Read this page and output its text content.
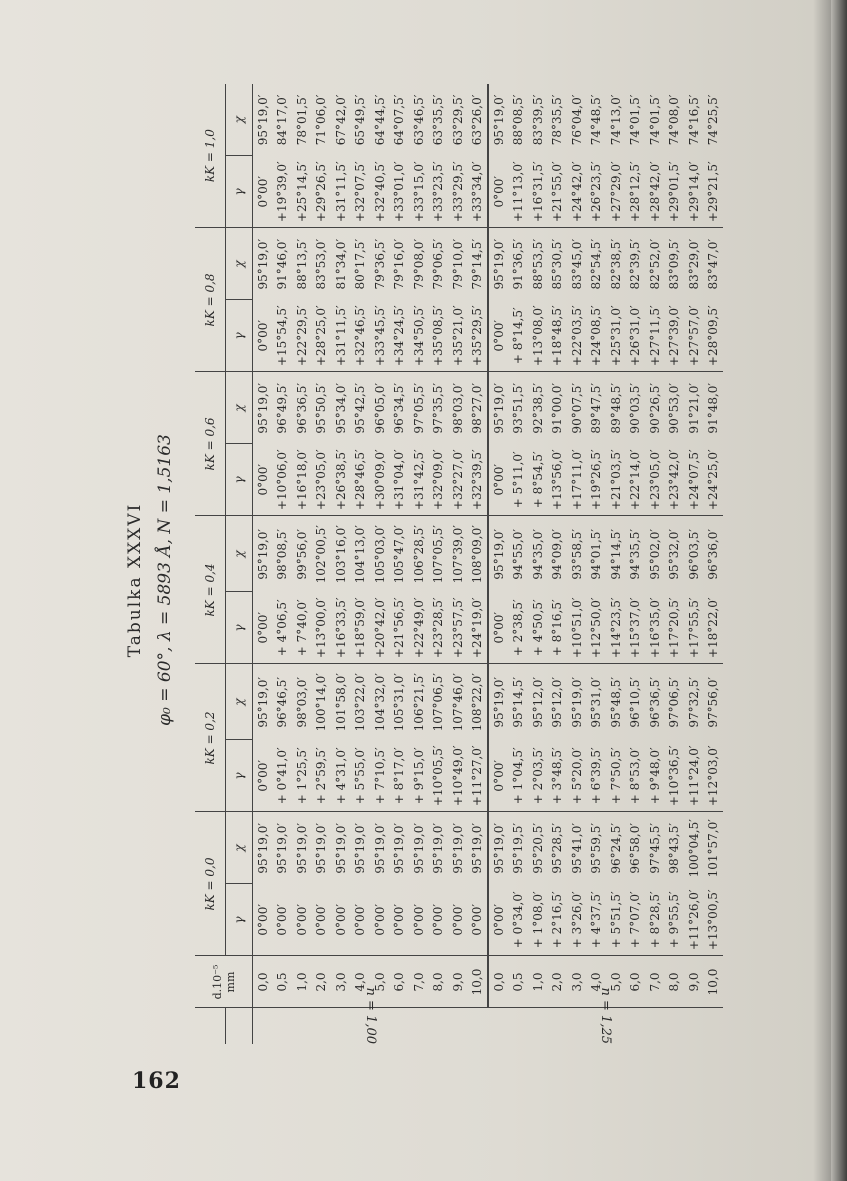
162
Tabulka XXXVI φ₀ = 60°, λ = 5893 Å, N = 1,5163
	d.10⁻⁵ mm	kK = 0,0		kK = 0,2		kK = 0,4		kK = 0,6		kK = 0,8		kK = 1,0	
		γ	χ	γ	χ	γ	χ	γ	χ	γ	χ	γ	χ
n = 1,00	0,0	0°00′	95°19,0′	0°00′	95°19,0′	0°00′	95°19,0′	0°00′	95°19,0′	0°00′	95°19,0′	0°00′	95°19,0′
	0,5	0°00′	95°19,0′	+ 0°41,0′	96°46,5′	+ 4°06,5′	98°08,5′	+10°06,0′	96°49,5′	+15°54,5′	91°46,0′	+19°39,0′	84°17,0′
	1,0	0°00′	95°19,0′	+ 1°25,5′	98°03,0′	+ 7°40,0′	99°56,0′	+16°18,0′	96°36,5′	+22°29,5′	88°13,5′	+25°14,5′	78°01,5′
	2,0	0°00′	95°19,0′	+ 2°59,5′	100°14,0′	+13°00,0′	102°00,5′	+23°05,0′	95°50,5′	+28°25,0′	83°53,0′	+29°26,5′	71°06,0′
	3,0	0°00′	95°19,0′	+ 4°31,0′	101°58,0′	+16°33,5′	103°16,0′	+26°38,5′	95°34,0′	+31°11,5′	81°34,0′	+31°11,5′	67°42,0′
	4,0	0°00′	95°19,0′	+ 5°55,0′	103°22,0′	+18°59,0′	104°13,0′	+28°46,5′	95°42,5′	+32°46,5′	80°17,5′	+32°07,5′	65°49,5′
	5,0	0°00′	95°19,0′	+ 7°10,5′	104°32,0′	+20°42,0′	105°03,0′	+30°09,0′	96°05,0′	+33°45,5′	79°36,5′	+32°40,5′	64°44,5′
	6,0	0°00′	95°19,0′	+ 8°17,0′	105°31,0′	+21°56,5′	105°47,0′	+31°04,0′	96°34,5′	+34°24,5′	79°16,0′	+33°01,0′	64°07,5′
	7,0	0°00′	95°19,0′	+ 9°15,0′	106°21,5′	+22°49,0′	106°28,5′	+31°42,5′	97°05,5′	+34°50,5′	79°08,0′	+33°15,0′	63°46,5′
	8,0	0°00′	95°19,0′	+10°05,5′	107°06,5′	+23°28,5′	107°05,5′	+32°09,0′	97°35,5′	+35°08,5′	79°06,5′	+33°23,5′	63°35,5′
	9,0	0°00′	95°19,0′	+10°49,0′	107°46,0′	+23°57,5′	107°39,0′	+32°27,0′	98°03,0′	+35°21,0′	79°10,0′	+33°29,5′	63°29,5′
	10,0	0°00′	95°19,0′	+11°27,0′	108°22,0′	+24°19,0′	108°09,0′	+32°39,5′	98°27,0′	+35°29,5′	79°14,5′	+33°34,0′	63°26,0′
n = 1,25	0,0	0°00′	95°19,0′	0°00′	95°19,0′	0°00′	95°19,0′	0°00′	95°19,0′	0°00′	95°19,0′	0°00′	95°19,0′
	0,5	+ 0°34,0′	95°19,5′	+ 1°04,5′	95°14,5′	+ 2°38,5′	94°55,0′	+ 5°11,0′	93°51,5′	+ 8°14,5′	91°36,5′	+11°13,0′	88°08,5′
	1,0	+ 1°08,0′	95°20,5′	+ 2°03,5′	95°12,0′	+ 4°50,5′	94°35,0′	+ 8°54,5′	92°38,5′	+13°08,0′	88°53,5′	+16°31,5′	83°39,5′
	2,0	+ 2°16,5′	95°28,5′	+ 3°48,5′	95°12,0′	+ 8°16,5′	94°09,0′	+13°56,0′	91°00,0′	+18°48,5′	85°30,5′	+21°55,0′	78°35,5′
	3,0	+ 3°26,0′	95°41,0′	+ 5°20,0′	95°19,0′	+10°51,0′	93°58,5′	+17°11,0′	90°07,5′	+22°03,5′	83°45,0′	+24°42,0′	76°04,0′
	4,0	+ 4°37,5′	95°59,5′	+ 6°39,5′	95°31,0′	+12°50,0′	94°01,5′	+19°26,5′	89°47,5′	+24°08,5′	82°54,5′	+26°23,5′	74°48,5′
	5,0	+ 5°51,5′	96°24,5′	+ 7°50,5′	95°48,5′	+14°23,5′	94°14,5′	+21°03,5′	89°48,5′	+25°31,0′	82°38,5′	+27°29,0′	74°13,0′
	6,0	+ 7°07,0′	96°58,0′	+ 8°53,0′	96°10,5′	+15°37,0′	94°35,5′	+22°14,0′	90°03,5′	+26°31,0′	82°39,5′	+28°12,5′	74°01,5′
	7,0	+ 8°28,5′	97°45,5′	+ 9°48,0′	96°36,5′	+16°35,0′	95°02,0′	+23°05,0′	90°26,5′	+27°11,5′	82°52,0′	+28°42,0′	74°01,5′
	8,0	+ 9°55,5′	98°43,5′	+10°36,5′	97°06,5′	+17°20,5′	95°32,0′	+23°42,0′	90°53,0′	+27°39,0′	83°09,5′	+29°01,5′	74°08,0′
	9,0	+11°26,0′	100°04,5′	+11°24,0′	97°32,5′	+17°55,5′	96°03,5′	+24°07,5′	91°21,0′	+27°57,0′	83°29,0′	+29°14,0′	74°16,5′
	10,0	+13°00,5′	101°57,0′	+12°03,0′	97°56,0′	+18°22,0′	96°36,0′	+24°25,0′	91°48,0′	+28°09,5′	83°47,0′	+29°21,5′	74°25,5′
